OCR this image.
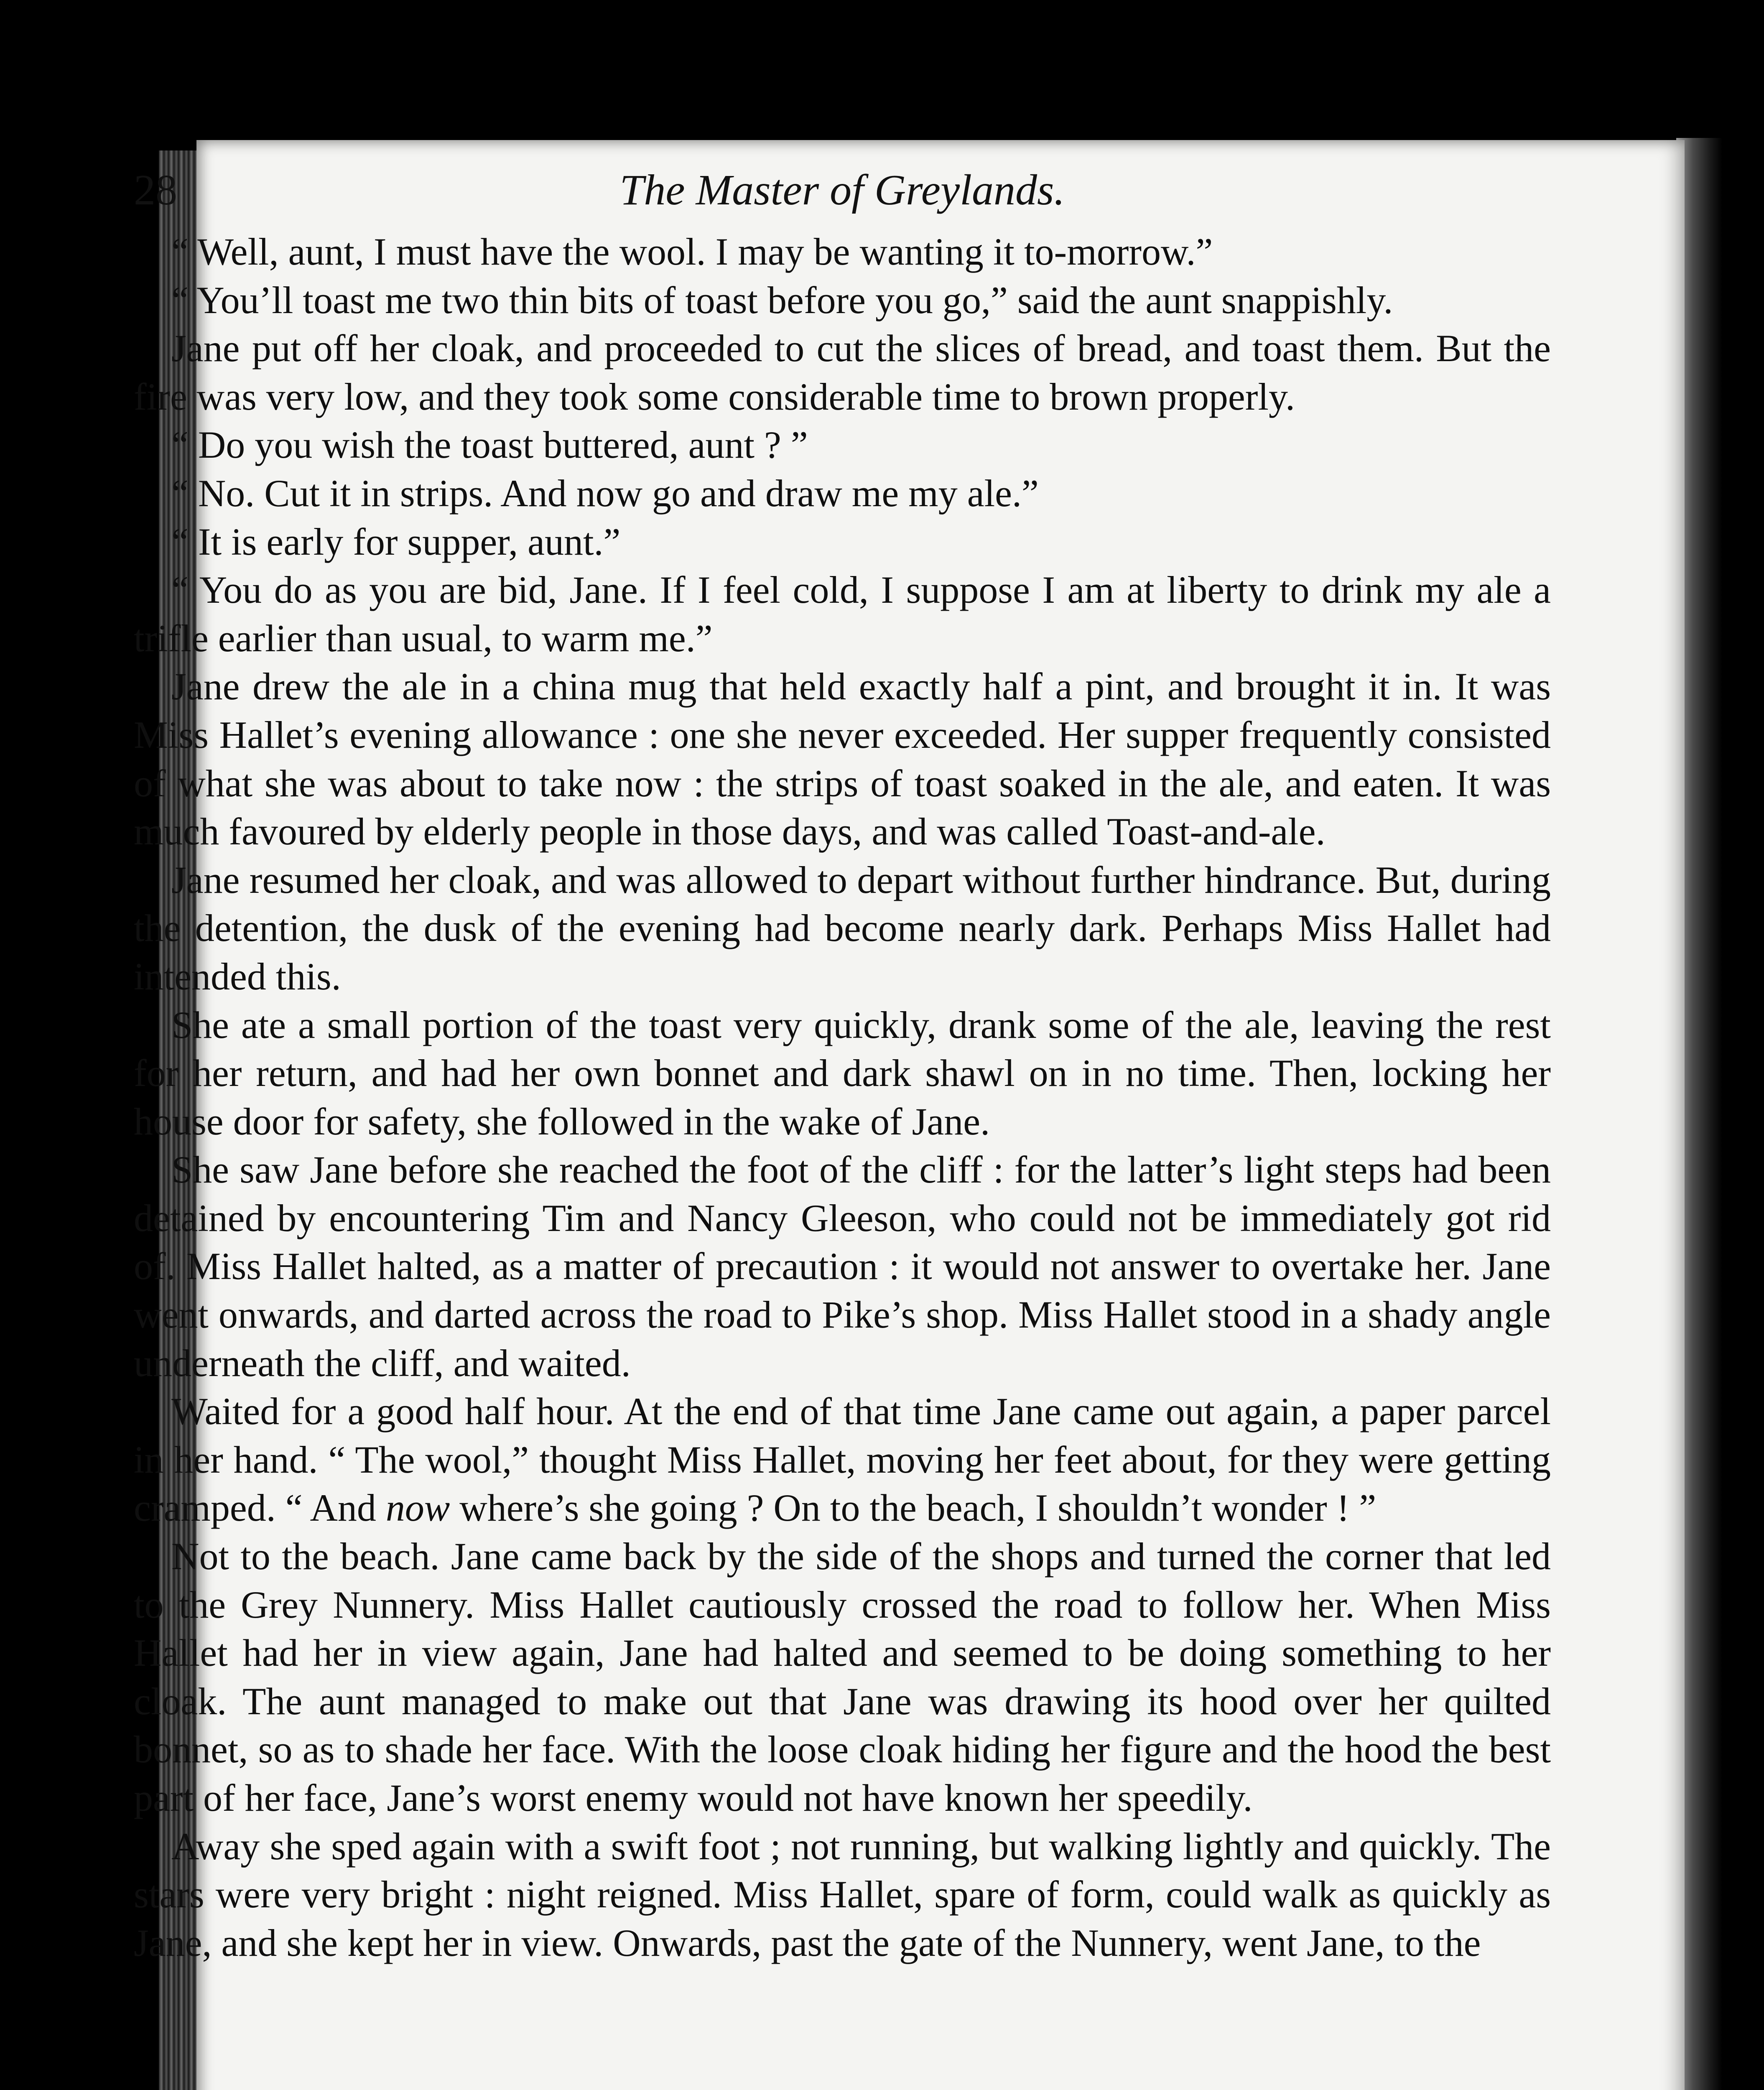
28	The Master of Greylands.

“ Well, aunt, I must have the wool. I may be wanting it to-morrow.”

“ You’ll toast me two thin bits of toast before you go,” said the aunt snappishly.

Jane put off her cloak, and proceeded to cut the slices of bread, and toast them. But the fire was very low, and they took some considerable time to brown properly.

“ Do you wish the toast buttered, aunt ? ”

“ No. Cut it in strips. And now go and draw me my ale.”

“ It is early for supper, aunt.”

“ You do as you are bid, Jane. If I feel cold, I suppose I am at liberty to drink my ale a trifle earlier than usual, to warm me.”

Jane drew the ale in a china mug that held exactly half a pint, and brought it in. It was Miss Hallet’s evening allowance : one she never exceeded. Her supper frequently consisted of what she was about to take now : the strips of toast soaked in the ale, and eaten. It was much favoured by elderly people in those days, and was called Toast-and-ale.

Jane resumed her cloak, and was allowed to depart without further hindrance. But, during the detention, the dusk of the evening had become nearly dark. Perhaps Miss Hallet had intended this.

She ate a small portion of the toast very quickly, drank some of the ale, leaving the rest for her return, and had her own bonnet and dark shawl on in no time. Then, locking her house door for safety, she followed in the wake of Jane.

She saw Jane before she reached the foot of the cliff : for the latter’s light steps had been detained by encountering Tim and Nancy Gleeson, who could not be immediately got rid of. Miss Hallet halted, as a matter of precaution : it would not answer to overtake her. Jane went onwards, and darted across the road to Pike’s shop. Miss Hallet stood in a shady angle underneath the cliff, and waited.

Waited for a good half hour. At the end of that time Jane came out again, a paper parcel in her hand. “ The wool,” thought Miss Hallet, moving her feet about, for they were getting cramped. “ And now where’s she going ? On to the beach, I shouldn’t wonder ! ”

Not to the beach. Jane came back by the side of the shops and turned the corner that led to the Grey Nunnery. Miss Hallet cautiously crossed the road to follow her. When Miss Hallet had her in view again, Jane had halted and seemed to be doing something to her cloak. The aunt managed to make out that Jane was drawing its hood over her quilted bonnet, so as to shade her face. With the loose cloak hiding her figure and the hood the best part of her face, Jane’s worst enemy would not have known her speedily.

Away she sped again with a swift foot ; not running, but walking lightly and quickly. The stars were very bright : night reigned. Miss Hallet, spare of form, could walk as quickly as Jane, and she kept her in view. Onwards, past the gate of the Nunnery, went Jane, to the
